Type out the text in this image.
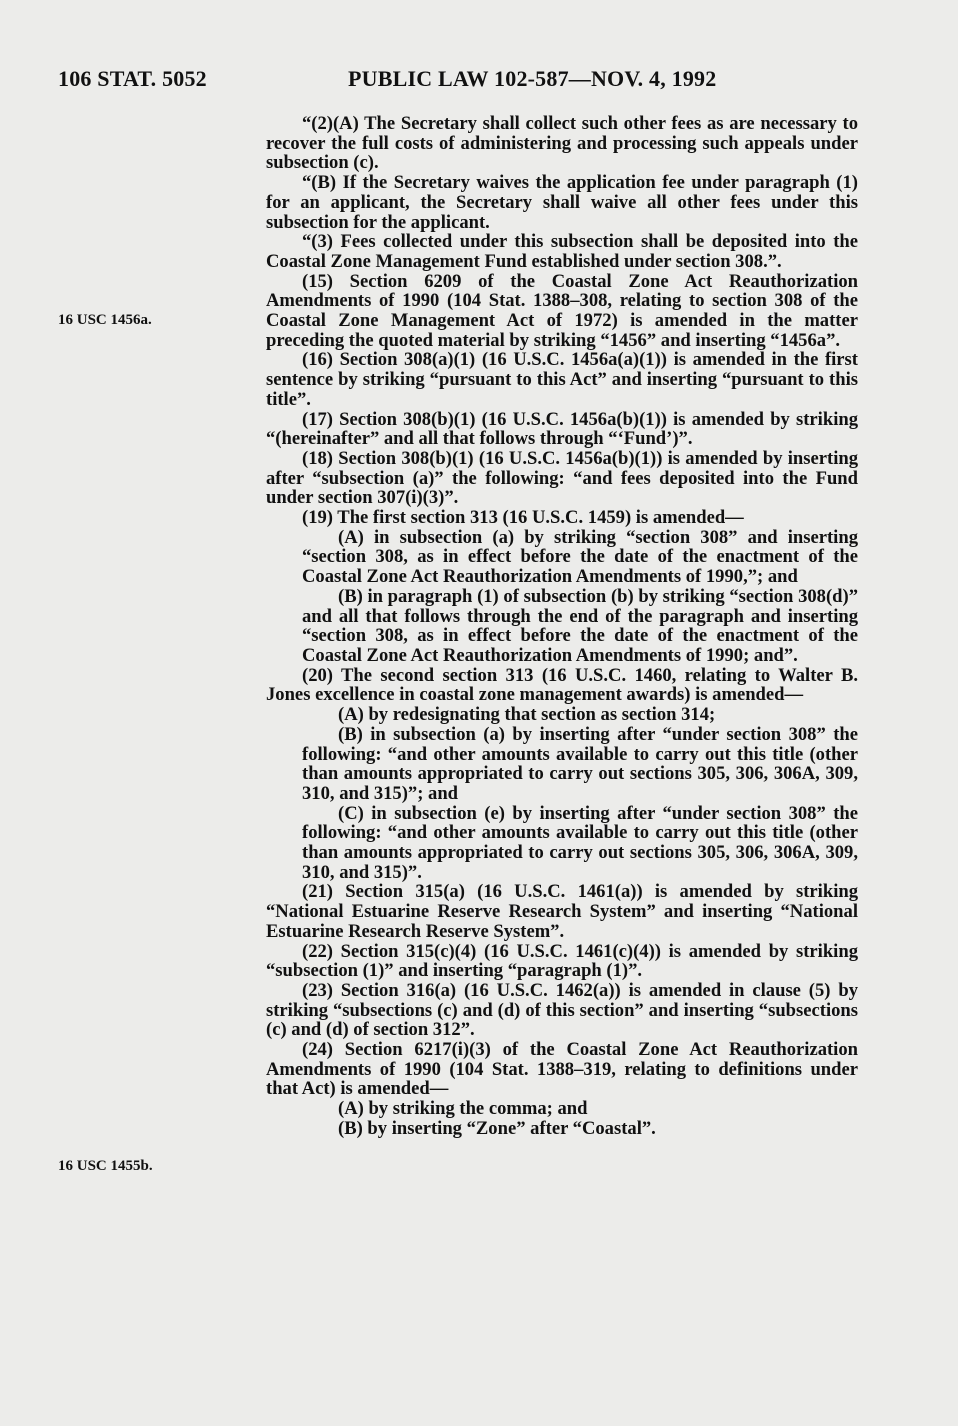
106 STAT. 5052	PUBLIC LAW 102-587—NOV. 4, 1992
16 USC 1456a.
16 USC 1455b.

“(2)(A) The Secretary shall collect such other fees as are necessary to recover the full costs of administering and processing such appeals under subsection (c).

“(B) If the Secretary waives the application fee under paragraph (1) for an applicant, the Secretary shall waive all other fees under this subsection for the applicant.

“(3) Fees collected under this subsection shall be deposited into the Coastal Zone Management Fund established under section 308.”.

(15) Section 6209 of the Coastal Zone Act Reauthorization Amendments of 1990 (104 Stat. 1388–308, relating to section 308 of the Coastal Zone Management Act of 1972) is amended in the matter preceding the quoted material by striking “1456” and inserting “1456a”.

(16) Section 308(a)(1) (16 U.S.C. 1456a(a)(1)) is amended in the first sentence by striking “pursuant to this Act” and inserting “pursuant to this title”.

(17) Section 308(b)(1) (16 U.S.C. 1456a(b)(1)) is amended by striking “(hereinafter” and all that follows through “‘Fund’)”.

(18) Section 308(b)(1) (16 U.S.C. 1456a(b)(1)) is amended by inserting after “subsection (a)” the following: “and fees deposited into the Fund under section 307(i)(3)”.

(19) The first section 313 (16 U.S.C. 1459) is amended—

(A) in subsection (a) by striking “section 308” and inserting “section 308, as in effect before the date of the enactment of the Coastal Zone Act Reauthorization Amendments of 1990,”; and

(B) in paragraph (1) of subsection (b) by striking “section 308(d)” and all that follows through the end of the paragraph and inserting “section 308, as in effect before the date of the enactment of the Coastal Zone Act Reauthorization Amendments of 1990; and”.

(20) The second section 313 (16 U.S.C. 1460, relating to Walter B. Jones excellence in coastal zone management awards) is amended—

(A) by redesignating that section as section 314;

(B) in subsection (a) by inserting after “under section 308” the following: “and other amounts available to carry out this title (other than amounts appropriated to carry out sections 305, 306, 306A, 309, 310, and 315)”; and

(C) in subsection (e) by inserting after “under section 308” the following: “and other amounts available to carry out this title (other than amounts appropriated to carry out sections 305, 306, 306A, 309, 310, and 315)”.

(21) Section 315(a) (16 U.S.C. 1461(a)) is amended by striking “National Estuarine Reserve Research System” and inserting “National Estuarine Research Reserve System”.

(22) Section 315(c)(4) (16 U.S.C. 1461(c)(4)) is amended by striking “subsection (1)” and inserting “paragraph (1)”.

(23) Section 316(a) (16 U.S.C. 1462(a)) is amended in clause (5) by striking “subsections (c) and (d) of this section” and inserting “subsections (c) and (d) of section 312”.

(24) Section 6217(i)(3) of the Coastal Zone Act Reauthorization Amendments of 1990 (104 Stat. 1388–319, relating to definitions under that Act) is amended—

(A) by striking the comma; and

(B) by inserting “Zone” after “Coastal”.
